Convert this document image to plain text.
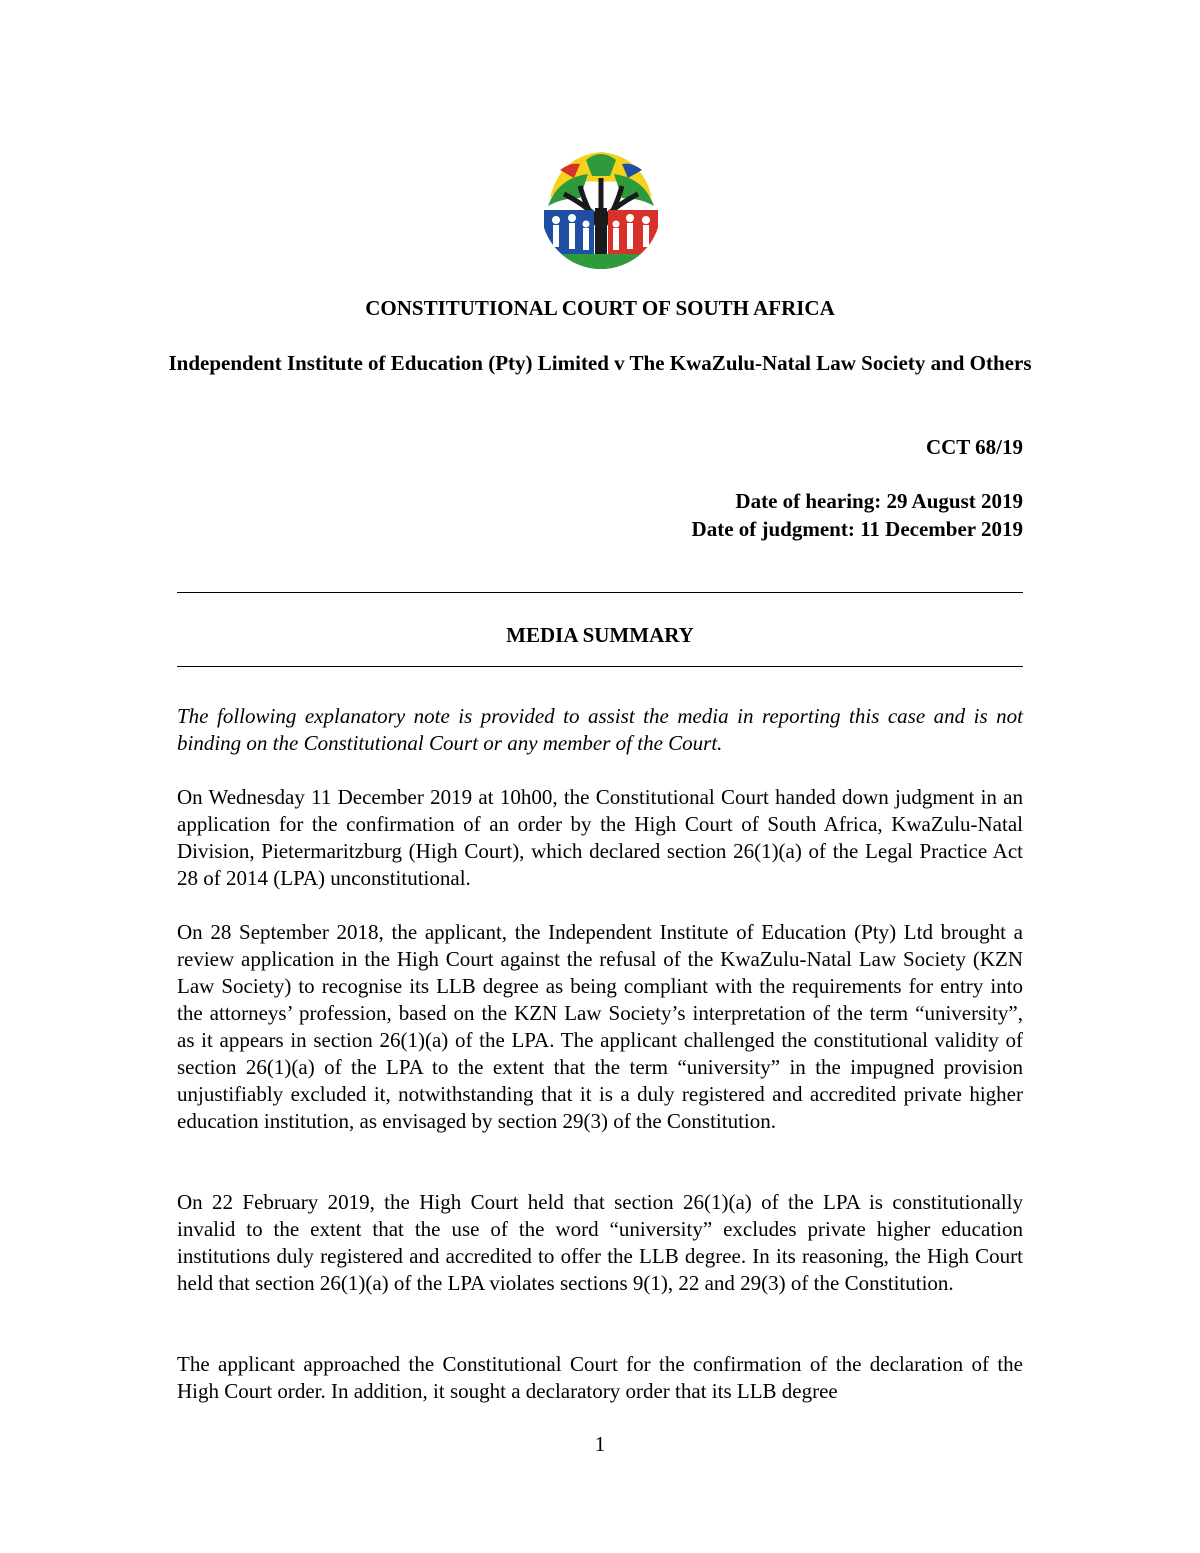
CONSTITUTIONAL COURT OF SOUTH AFRICA
Independent Institute of Education (Pty) Limited v The KwaZulu-Natal Law Society and Others

CCT 68/19

Date of hearing: 29 August 2019

Date of judgment: 11 December 2019

MEDIA SUMMARY

The following explanatory note is provided to assist the media in reporting this case and is not binding on the Constitutional Court or any member of the Court.

On Wednesday 11 December 2019 at 10h00, the Constitutional Court handed down judgment in an application for the confirmation of an order by the High Court of South Africa, KwaZulu-Natal Division, Pietermaritzburg (High Court), which declared section 26(1)(a) of the Legal Practice Act 28 of 2014 (LPA) unconstitutional.

On 28 September 2018, the applicant, the Independent Institute of Education (Pty) Ltd brought a review application in the High Court against the refusal of the KwaZulu-Natal Law Society (KZN Law Society) to recognise its LLB degree as being compliant with the requirements for entry into the attorneys’ profession, based on the KZN Law Society’s interpretation of the term “university”, as it appears in section 26(1)(a) of the LPA. The applicant challenged the constitutional validity of section 26(1)(a) of the LPA to the extent that the term “university” in the impugned provision unjustifiably excluded it, notwithstanding that it is a duly registered and accredited private higher education institution, as envisaged by section 29(3) of the Constitution.

On 22 February 2019, the High Court held that section 26(1)(a) of the LPA is constitutionally invalid to the extent that the use of the word “university” excludes private higher education institutions duly registered and accredited to offer the LLB degree. In its reasoning, the High Court held that section 26(1)(a) of the LPA violates sections 9(1), 22 and 29(3) of the Constitution.

The applicant approached the Constitutional Court for the confirmation of the declaration of the High Court order. In addition, it sought a declaratory order that its LLB degree

1
